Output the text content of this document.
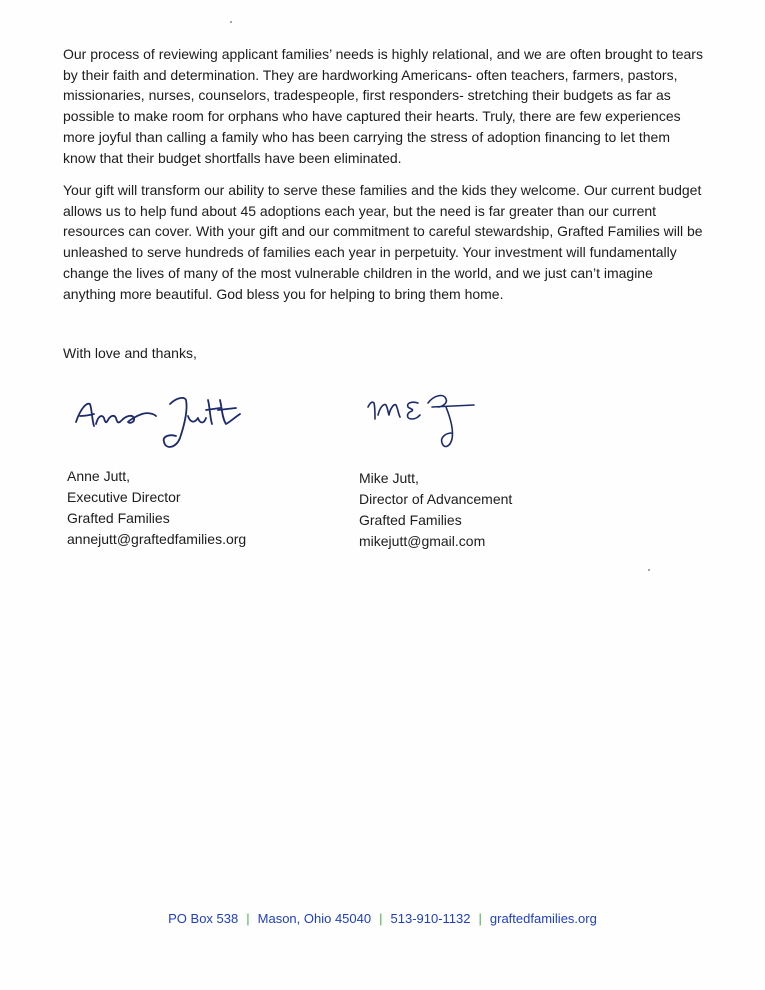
Our process of reviewing applicant families’ needs is highly relational, and we are often brought to tears by their faith and determination. They are hardworking Americans- often teachers, farmers, pastors, missionaries, nurses, counselors, tradespeople, first responders- stretching their budgets as far as possible to make room for orphans who have captured their hearts. Truly, there are few experiences more joyful than calling a family who has been carrying the stress of adoption financing to let them know that their budget shortfalls have been eliminated.

Your gift will transform our ability to serve these families and the kids they welcome. Our current budget allows us to help fund about 45 adoptions each year, but the need is far greater than our current resources can cover. With your gift and our commitment to careful stewardship, Grafted Families will be unleashed to serve hundreds of families each year in perpetuity. Your investment will fundamentally change the lives of many of the most vulnerable children in the world, and we just can’t imagine anything more beautiful. God bless you for helping to bring them home.

With love and thanks,
Anne Jutt,
Executive Director
Grafted Families
annejutt@graftedfamilies.org
Mike Jutt,
Director of Advancement
Grafted Families
mikejutt@gmail.com
PO Box 538 | Mason, Ohio 45040 | 513-910-1132 | graftedfamilies.org
